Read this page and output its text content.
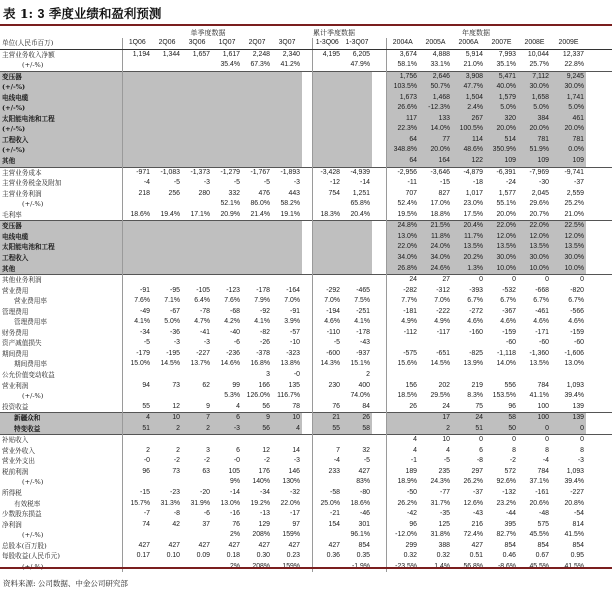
表 1: 3 季度业绩和盈利预测
单季度数据	累计季度数据	年度数据
单位(人民币百万)	1Q06	2Q06	3Q06	1Q07	2Q07	3Q07		1-3Q06	1-3Q07		2004A	2005A	2006A	2007E	2008E	2009E	
主营业务收入净额	1,194	1,344	1,657	1,617	2,248	2,340		4,195	6,205		3,674	4,888	5,914	7,993	10,044	12,337	
(+/-%)				35.4%	67.3%	41.2%			47.9%		58.1%	33.1%	21.0%	35.1%	25.7%	22.8%	
变压器											1,756	2,646	3,908	5,471	7,112	9,245	
(+/-%)											103.5%	50.7%	47.7%	40.0%	30.0%	30.0%	
电线电缆											1,673	1,468	1,504	1,579	1,658	1,741	
(+/-%)											26.6%	-12.3%	2.4%	5.0%	5.0%	5.0%	
太阳能电池和工程											117	133	267	320	384	461	
(+/-%)											22.3%	14.0%	100.5%	20.0%	20.0%	20.0%	
工程收入											64	77	114	514	781	781	
(+/-%)											348.8%	20.0%	48.6%	350.9%	51.9%	0.0%	
其他											64	164	122	109	109	109	
主营业务成本	-971	-1,083	-1,373	-1,279	-1,767	-1,893		-3,428	-4,939		-2,956	-3,646	-4,879	-6,391	-7,969	-9,741	
主营业务税金及附加	-4	-5	-3	-5	-5	-3		-12	-14		-11	-15	-18	-24	-30	-37	
主营业务利润	218	256	280	332	476	443		754	1,251		707	827	1,017	1,577	2,045	2,559	
(+/-%)				52.1%	86.0%	58.2%			65.8%		52.4%	17.0%	23.0%	55.1%	29.6%	25.2%	
毛利率	18.6%	19.4%	17.1%	20.9%	21.4%	19.1%		18.3%	20.4%		19.5%	18.8%	17.5%	20.0%	20.7%	21.0%	
变压器											24.8%	21.5%	20.4%	22.0%	22.0%	22.5%	
电线电缆											13.0%	11.8%	11.7%	12.0%	12.0%	12.0%	
太阳能电池和工程											22.0%	24.0%	13.5%	13.5%	13.5%	13.5%	
工程收入											34.0%	34.0%	20.2%	30.0%	30.0%	30.0%	
其他											26.8%	24.6%	1.3%	10.0%	10.0%	10.0%	
其他业务利润											24	27	0	0	0	0	
营业费用	-91	-95	-105	-123	-178	-164		-292	-465		-282	-312	-393	-532	-668	-820	
营业费用率	7.6%	7.1%	6.4%	7.6%	7.9%	7.0%		7.0%	7.5%		7.7%	7.0%	6.7%	6.7%	6.7%	6.7%	
管理费用	-49	-67	-78	-68	-92	-91		-194	-251		-181	-222	-272	-367	-461	-566	
管理费用率	4.1%	5.0%	4.7%	4.2%	4.1%	3.9%		4.6%	4.1%		4.9%	4.9%	4.6%	4.6%	4.6%	4.6%	
财务费用	-34	-36	-41	-40	-82	-57		-110	-178		-112	-117	-160	-159	-171	-159	
资产减值损失	-5	-3	-3	-6	-26	-10		-5	-43					-60	-60	-60	
期间费用	-179	-195	-227	-236	-378	-323		-600	-937		-575	-651	-825	-1,118	-1,360	-1,606	
期间费用率	15.0%	14.5%	13.7%	14.6%	16.8%	13.8%		14.3%	15.1%		15.6%	14.5%	13.9%	14.0%	13.5%	13.0%	
公允价值变动收益					3	-0			2								
营业利润	94	73	62	99	166	135		230	400		156	202	219	556	784	1,093	
(+/-%)				5.3%	126.0%	116.7%			74.0%		18.5%	29.5%	8.3%	153.5%	41.1%	39.4%	
投资收益	55	12	9	4	56	78		76	84		26	24	75	96	100	139	
新疆众和	4	10	7	6	9	10		21	26			17	24	58	100	139	
特变收益	51	2	2	-3	56	4		55	58			2	51	50	0	0	
补贴收入											4	10	0	0	0	0	
营业外收入	2	2	3	6	12	14		7	32		4	4	6	8	8	8	
营业外支出	-0	-2	-2	-0	-2	-3		-4	-5		-1	-5	-8	-2	-4	-3	
税前利润	96	73	63	105	176	146		233	427		189	235	297	572	784	1,093	
(+/-%)				9%	140%	130%			83%		18.9%	24.3%	26.2%	92.6%	37.1%	39.4%	
所得税	-15	-23	-20	-14	-34	-32		-58	-80		-50	-77	-37	-132	-161	-227	
有效税率	15.7%	31.3%	31.9%	13.0%	19.2%	22.0%		25.0%	18.6%		26.2%	31.7%	12.6%	23.2%	20.6%	20.8%	
少数股东损益	-7	-8	-6	-16	-13	-17		-21	-46		-42	-35	-43	-44	-48	-54	
净利润	74	42	37	76	129	97		154	301		96	125	216	395	575	814	
(+/-%)				2%	208%	159%			96.1%		-12.0%	31.8%	72.4%	82.7%	45.5%	41.5%	
总股本(百万股)	427	427	427	427	427	427		427	854		299	388	427	854	854	854	
每股收益(人民币元)	0.17	0.10	0.09	0.18	0.30	0.23		0.36	0.35		0.32	0.32	0.51	0.46	0.67	0.95	

资料来源: 公司数据、中金公司研究部
